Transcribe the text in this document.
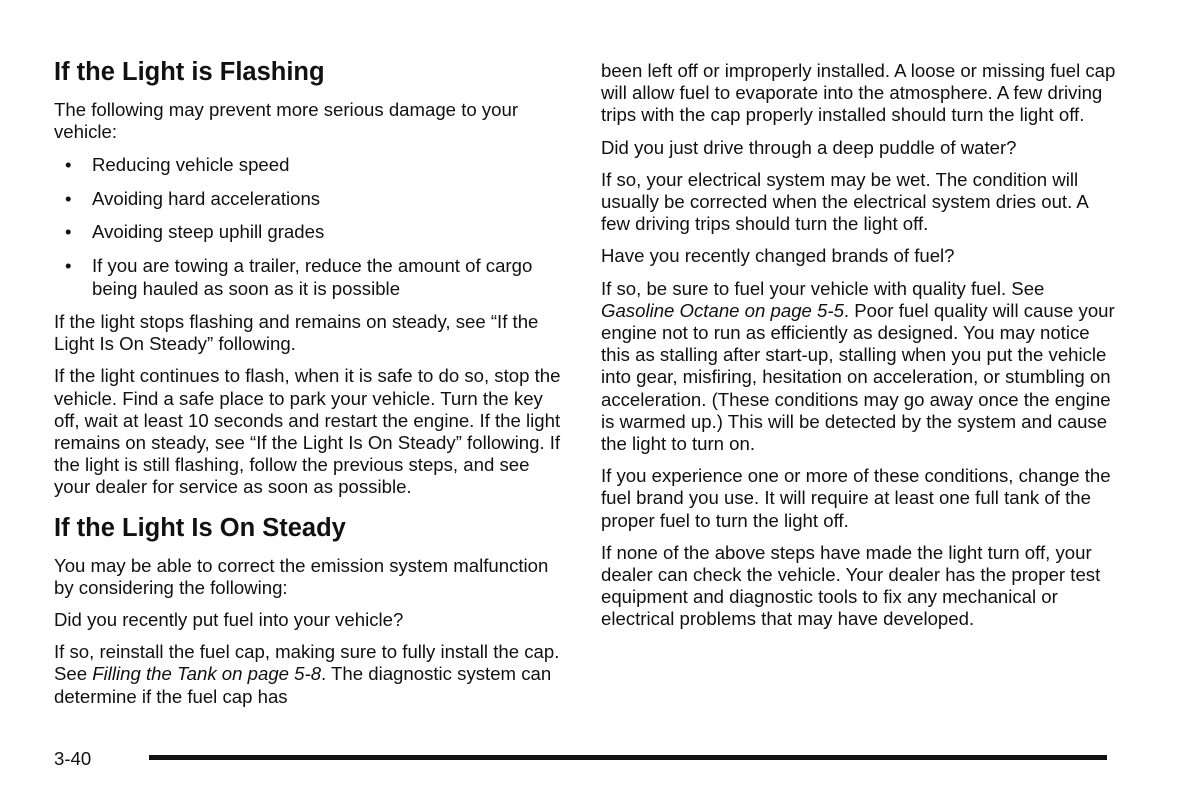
If the Light is Flashing

The following may prevent more serious damage to your vehicle:

• Reducing vehicle speed
• Avoiding hard accelerations
• Avoiding steep uphill grades
• If you are towing a trailer, reduce the amount of cargo being hauled as soon as it is possible

If the light stops flashing and remains on steady, see “If the Light Is On Steady” following.

If the light continues to flash, when it is safe to do so, stop the vehicle. Find a safe place to park your vehicle. Turn the key off, wait at least 10 seconds and restart the engine. If the light remains on steady, see “If the Light Is On Steady” following. If the light is still flashing, follow the previous steps, and see your dealer for service as soon as possible.

If the Light Is On Steady

You may be able to correct the emission system malfunction by considering the following:

Did you recently put fuel into your vehicle?

If so, reinstall the fuel cap, making sure to fully install the cap. See Filling the Tank on page 5-8. The diagnostic system can determine if the fuel cap has

been left off or improperly installed. A loose or missing fuel cap will allow fuel to evaporate into the atmosphere. A few driving trips with the cap properly installed should turn the light off.

Did you just drive through a deep puddle of water?

If so, your electrical system may be wet. The condition will usually be corrected when the electrical system dries out. A few driving trips should turn the light off.

Have you recently changed brands of fuel?

If so, be sure to fuel your vehicle with quality fuel. See Gasoline Octane on page 5-5. Poor fuel quality will cause your engine not to run as efficiently as designed. You may notice this as stalling after start-up, stalling when you put the vehicle into gear, misfiring, hesitation on acceleration, or stumbling on acceleration. (These conditions may go away once the engine is warmed up.) This will be detected by the system and cause the light to turn on.

If you experience one or more of these conditions, change the fuel brand you use. It will require at least one full tank of the proper fuel to turn the light off.

If none of the above steps have made the light turn off, your dealer can check the vehicle. Your dealer has the proper test equipment and diagnostic tools to fix any mechanical or electrical problems that may have developed.

3-40
